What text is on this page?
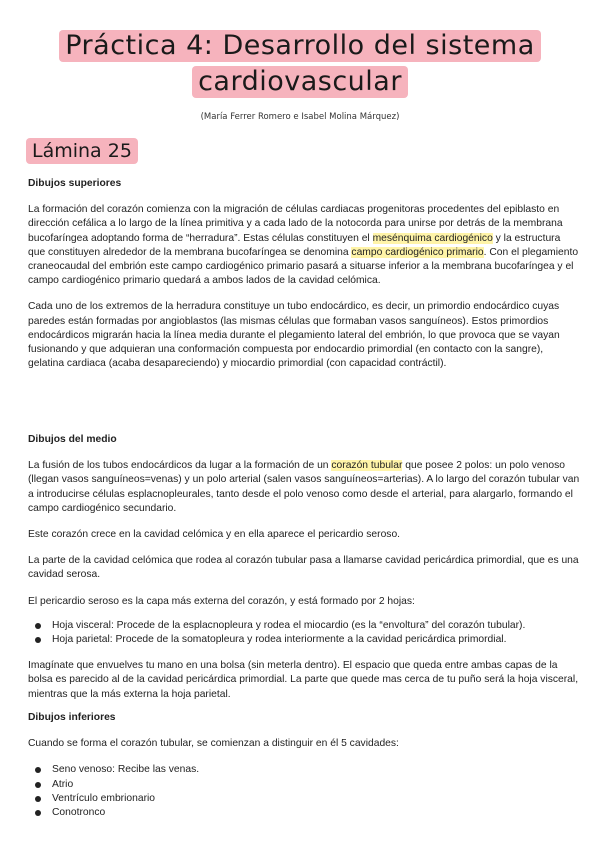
Práctica 4: Desarrollo del sistema
cardiovascular
(María Ferrer Romero e Isabel Molina Márquez)
Lámina 25

Dibujos superiores

La formación del corazón comienza con la migración de células cardiacas progenitoras procedentes del epiblasto en dirección cefálica a lo largo de la línea primitiva y a cada lado de la notocorda para unirse por detrás de la membrana bucofaríngea adoptando forma de “herradura”. Estas células constituyen el mesénquima cardiogénico y la estructura que constituyen alrededor de la membrana bucofaríngea se denomina campo cardiogénico primario. Con el plegamiento craneocaudal del embrión este campo cardiogénico primario pasará a situarse inferior a la membrana bucofaríngea y el campo cardiogénico primario quedará a ambos lados de la cavidad celómica.

Cada uno de los extremos de la herradura constituye un tubo endocárdico, es decir, un primordio endocárdico cuyas paredes están formadas por angioblastos (las mismas células que formaban vasos sanguíneos). Estos primordios endocárdicos migrarán hacia la línea media durante el plegamiento lateral del embrión, lo que provoca que se vayan fusionando y que adquieran una conformación compuesta por endocardio primordial (en contacto con la sangre), gelatina cardiaca (acaba desapareciendo) y miocardio primordial (con capacidad contráctil).

Dibujos del medio

La fusión de los tubos endocárdicos da lugar a la formación de un corazón tubular que posee 2 polos: un polo venoso (llegan vasos sanguíneos=venas) y un polo arterial (salen vasos sanguíneos=arterias). A lo largo del corazón tubular van a introducirse células esplacnopleurales, tanto desde el polo venoso como desde el arterial, para alargarlo, formando el campo cardiogénico secundario.

Este corazón crece en la cavidad celómica y en ella aparece el pericardio seroso.

La parte de la cavidad celómica que rodea al corazón tubular pasa a llamarse cavidad pericárdica primordial, que es una cavidad serosa.

El pericardio seroso es la capa más externa del corazón, y está formado por 2 hojas:

Hoja visceral: Procede de la esplacnopleura y rodea el miocardio (es la “envoltura” del corazón tubular).
Hoja parietal: Procede de la somatopleura y rodea interiormente a la cavidad pericárdica primordial.

Imagínate que envuelves tu mano en una bolsa (sin meterla dentro). El espacio que queda entre ambas capas de la bolsa es parecido al de la cavidad pericárdica primordial. La parte que quede mas cerca de tu puño será la hoja visceral, mientras que la más externa la hoja parietal.

Dibujos inferiores

Cuando se forma el corazón tubular, se comienzan a distinguir en él 5 cavidades:

Seno venoso: Recibe las venas.
Atrio
Ventrículo embrionario
Conotronco
